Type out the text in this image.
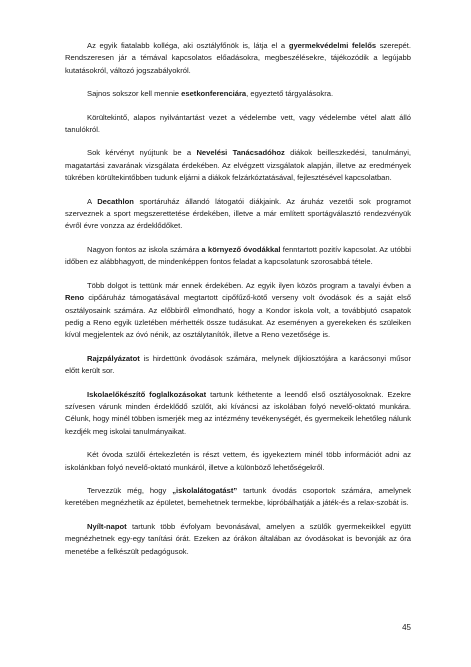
Az egyik fiatalabb kolléga, aki osztályfőnök is, látja el a gyermekvédelmi felelős szerepét. Rendszeresen jár a témával kapcsolatos előadásokra, megbeszélésekre, tájékozódik a legújabb kutatásokról, változó jogszabályokról.

Sajnos sokszor kell mennie esetkonferenciára, egyeztető tárgyalásokra.

Körültekintő, alapos nyilvántartást vezet a védelembe vett, vagy védelembe vétel alatt álló tanulókról.

Sok kérvényt nyújtunk be a Nevelési Tanácsadóhoz diákok beilleszkedési, tanulmányi, magatartási zavarának vizsgálata érdekében. Az elvégzett vizsgálatok alapján, illetve az eredmények tükrében körültekintőbben tudunk eljárni a diákok felzárkóztatásával, fejlesztésével kapcsolatban.

A Decathlon sportáruház állandó látogatói diákjaink. Az áruház vezetői sok programot szerveznek a sport megszerettetése érdekében, illetve a már említett sportágválasztó rendezvényük évről évre vonzza az érdeklődőket.

Nagyon fontos az iskola számára a környező óvodákkal fenntartott pozitív kapcsolat. Az utóbbi időben ez alábbhagyott, de mindenképpen fontos feladat a kapcsolatunk szorosabbá tétele.

Több dolgot is tettünk már ennek érdekében. Az egyik ilyen közös program a tavalyi évben a Reno cipőáruház támogatásával megtartott cipőfűző-kötő verseny volt óvodások és a saját első osztályosaink számára. Az előbbiről elmondható, hogy a Kondor iskola volt, a továbbjutó csapatok pedig a Reno egyik üzletében mérhették össze tudásukat. Az eseményen a gyerekeken és szüleiken kívül megjelentek az óvó nénik, az osztálytanítók, illetve a Reno vezetősége is.

Rajzpályázatot is hirdettünk óvodások számára, melynek díjkiosztójára a karácsonyi műsor előtt került sor.

Iskolaelőkészítő foglalkozásokat tartunk kéthetente a leendő első osztályosoknak. Ezekre szívesen várunk minden érdeklődő szülőt, aki kíváncsi az iskolában folyó nevelő-oktató munkára. Célunk, hogy minél többen ismerjék meg az intézmény tevékenységét, és gyermekeik lehetőleg nálunk kezdjék meg iskolai tanulmányaikat.

Két óvoda szülői értekezletén is részt vettem, és igyekeztem minél több információt adni az iskolánkban folyó nevelő-oktató munkáról, illetve a különböző lehetőségekről.

Tervezzük még, hogy „iskolalátogatást” tartunk óvodás csoportok számára, amelynek keretében megnézhetik az épületet, bemehetnek termekbe, kipróbálhatják a játék-és a relax-szobát is.

Nyílt-napot tartunk több évfolyam bevonásával, amelyen a szülők gyermekeikkel együtt megnézhetnek egy-egy tanítási órát. Ezeken az órákon általában az óvodásokat is bevonják az óra menetébe a felkészült pedagógusok.

45
